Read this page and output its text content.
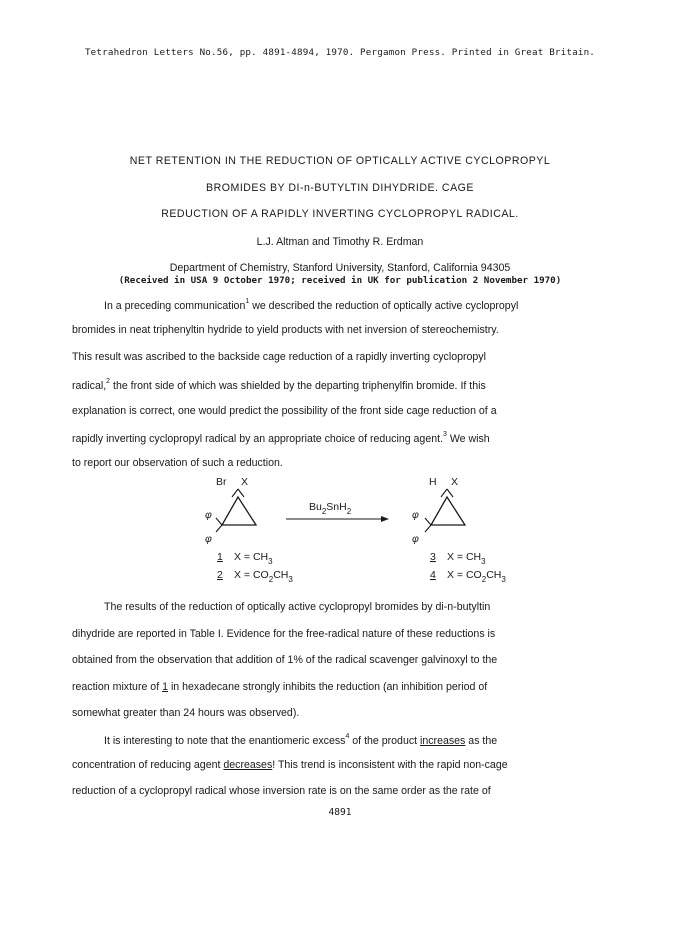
Tetrahedron Letters No.56, pp. 4891-4894, 1970. Pergamon Press. Printed in Great Britain.
NET RETENTION IN THE REDUCTION OF OPTICALLY ACTIVE CYCLOPROPYL
BROMIDES BY DI-n-BUTYLTIN DIHYDRIDE. CAGE
REDUCTION OF A RAPIDLY INVERTING CYCLOPROPYL RADICAL.
L.J. Altman and Timothy R. Erdman
Department of Chemistry, Stanford University, Stanford, California 94305
(Received in USA 9 October 1970; received in UK for publication 2 November 1970)
In a preceding communication$^1$ we described the reduction of optically active cyclopropyl
bromides in neat triphenyltin hydride to yield products with net inversion of stereochemistry.
This result was ascribed to the backside cage reduction of a rapidly inverting cyclopropyl
radical,$^2$ the front side of which was shielded by the departing triphenylfin bromide. If this
explanation is correct, one would predict the possibility of the front side cage reduction of a
rapidly inverting cyclopropyl radical by an appropriate choice of reducing agent.$^3$ We wish
to report our observation of such a reduction.
Br X
φ
φ
$Bu_2SnH_2$
H X
φ
φ
1 $X = CH_3$
2 $X = CO_2CH_3$
3 $X = CH_3$
4 $X = CO_2CH_3$
The results of the reduction of optically active cyclopropyl bromides by di-n-butyltin
dihydride are reported in Table I. Evidence for the free-radical nature of these reductions is
obtained from the observation that addition of 1% of the radical scavenger galvinoxyl to the
reaction mixture of 1 in hexadecane strongly inhibits the reduction (an inhibition period of
somewhat greater than 24 hours was observed).
It is interesting to note that the enantiomeric excess$^4$ of the product increases as the
concentration of reducing agent decreases! This trend is inconsistent with the rapid non-cage
reduction of a cyclopropyl radical whose inversion rate is on the same order as the rate of
4891
